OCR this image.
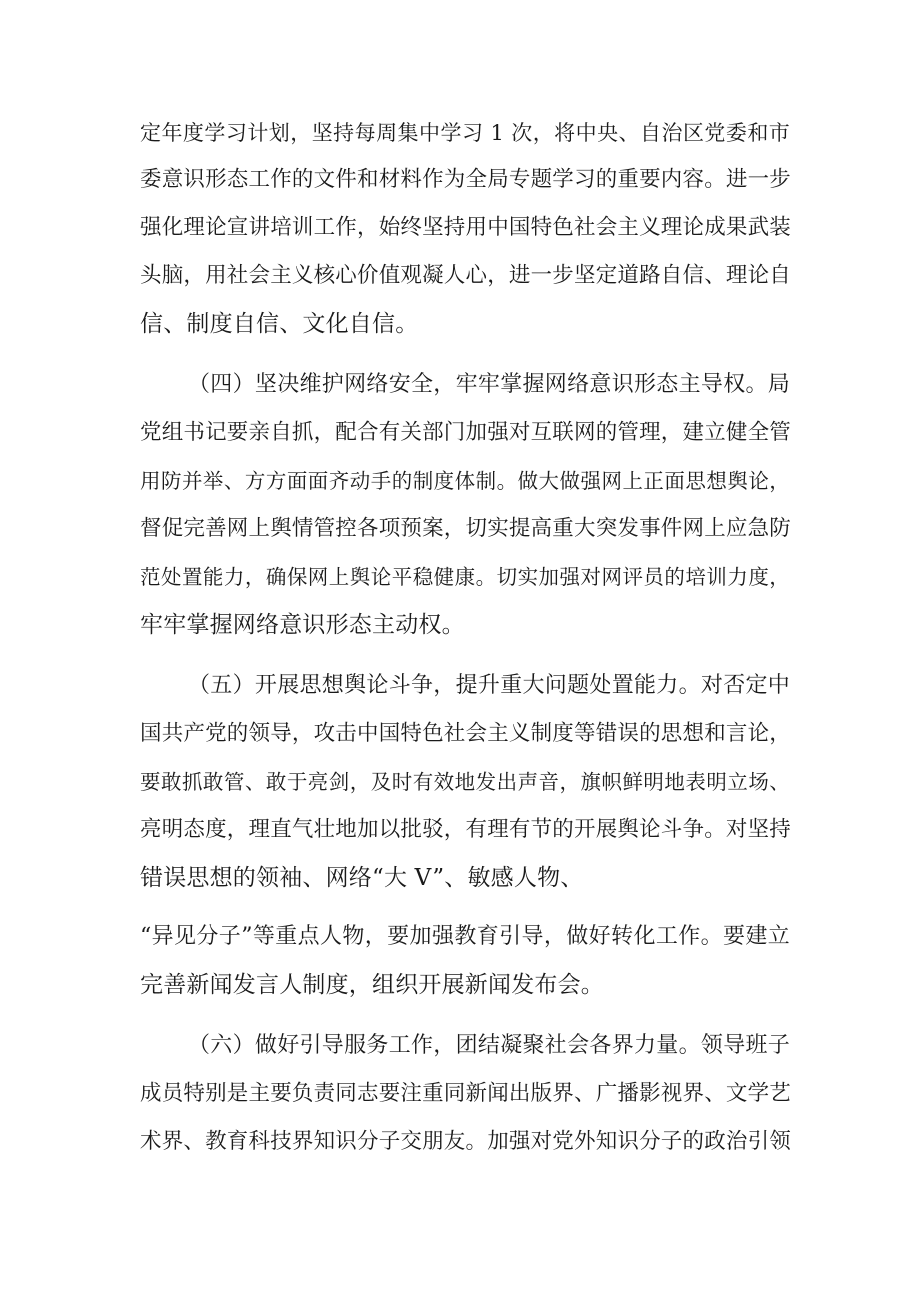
定年度学习计划，坚持每周集中学习 1 次，将中央、自治区党委和市
委意识形态工作的文件和材料作为全局专题学习的重要内容。进一步
强化理论宣讲培训工作，始终坚持用中国特色社会主义理论成果武装
头脑，用社会主义核心价值观凝人心，进一步坚定道路自信、理论自
信、制度自信、文化自信。
（四）坚决维护网络安全，牢牢掌握网络意识形态主导权。局
党组书记要亲自抓，配合有关部门加强对互联网的管理，建立健全管
用防并举、方方面面齐动手的制度体制。做大做强网上正面思想舆论，
督促完善网上舆情管控各项预案，切实提高重大突发事件网上应急防
范处置能力，确保网上舆论平稳健康。切实加强对网评员的培训力度，
牢牢掌握网络意识形态主动权。
（五）开展思想舆论斗争，提升重大问题处置能力。对否定中
国共产党的领导，攻击中国特色社会主义制度等错误的思想和言论，
要敢抓敢管、敢于亮剑，及时有效地发出声音，旗帜鲜明地表明立场、
亮明态度，理直气壮地加以批驳，有理有节的开展舆论斗争。对坚持
错误思想的领袖、网络“大 V”、敏感人物、
“异见分子”等重点人物，要加强教育引导，做好转化工作。要建立
完善新闻发言人制度，组织开展新闻发布会。
（六）做好引导服务工作，团结凝聚社会各界力量。领导班子
成员特别是主要负责同志要注重同新闻出版界、广播影视界、文学艺
术界、教育科技界知识分子交朋友。加强对党外知识分子的政治引领
